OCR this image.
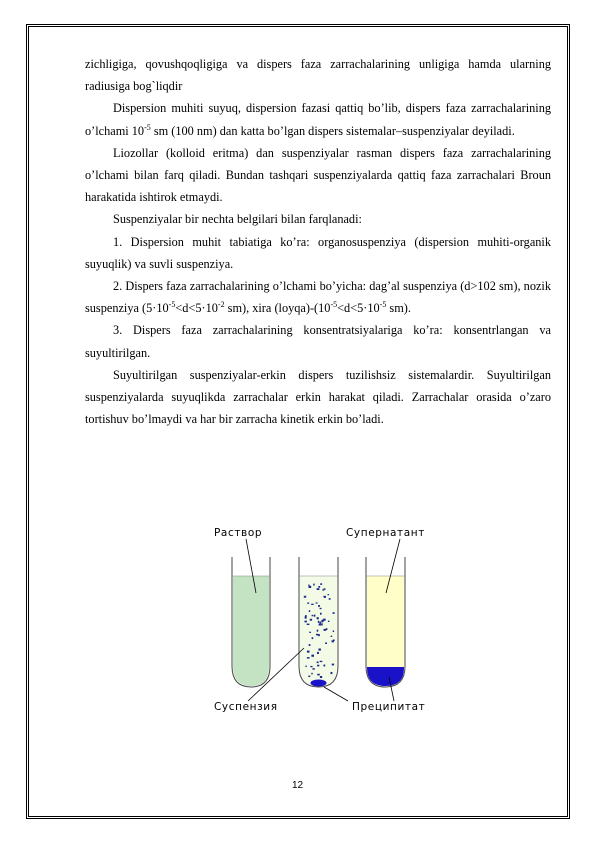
zichligiga, qovushqoqligiga va dispers faza zarrachalarining unligiga hamda ularning radiusiga bog`liqdir

Dispersion muhiti suyuq, dispersion fazasi qattiq bo’lib, dispers faza zarrachalarining o’lchami $10^{-5}$ sm (100 nm) dan katta bo’lgan dispers sistemalar–suspenziyalar deyiladi.

Liozollar (kolloid eritma) dan suspenziyalar rasman dispers faza zarrachalarining o’lchami bilan farq qiladi. Bundan tashqari suspenziyalarda qattiq faza zarrachalari Broun harakatida ishtirok etmaydi.

Suspenziyalar bir nechta belgilari bilan farqlanadi:

1. Dispersion muhit tabiatiga ko’ra: organosuspenziya (dispersion muhiti-organik suyuqlik) va suvli suspenziya.

2. Dispers faza zarrachalarining o’lchami bo’yicha: dag’al suspenziya (d>102 sm), nozik suspenziya ($5\cdot 10^{-5}<d<5\cdot 10^{-2}$ sm), xira $(loyqa)-(10^{-5}<d<5\cdot 10^{-5}$ sm).

3. Dispers faza zarrachalarining konsentratsiyalariga ko’ra: konsentrlangan va suyultirilgan.

Suyultirilgan suspenziyalar-erkin dispers tuzilishsiz sistemalardir. Suyultirilgan suspenziyalarda suyuqlikda zarrachalar erkin harakat qiladi. Zarrachalar orasida o’zaro tortishuv bo’lmaydi va har bir zarracha kinetik erkin bo’ladi.

Раствор	Супернатант
Суспензия	Преципитат
12
